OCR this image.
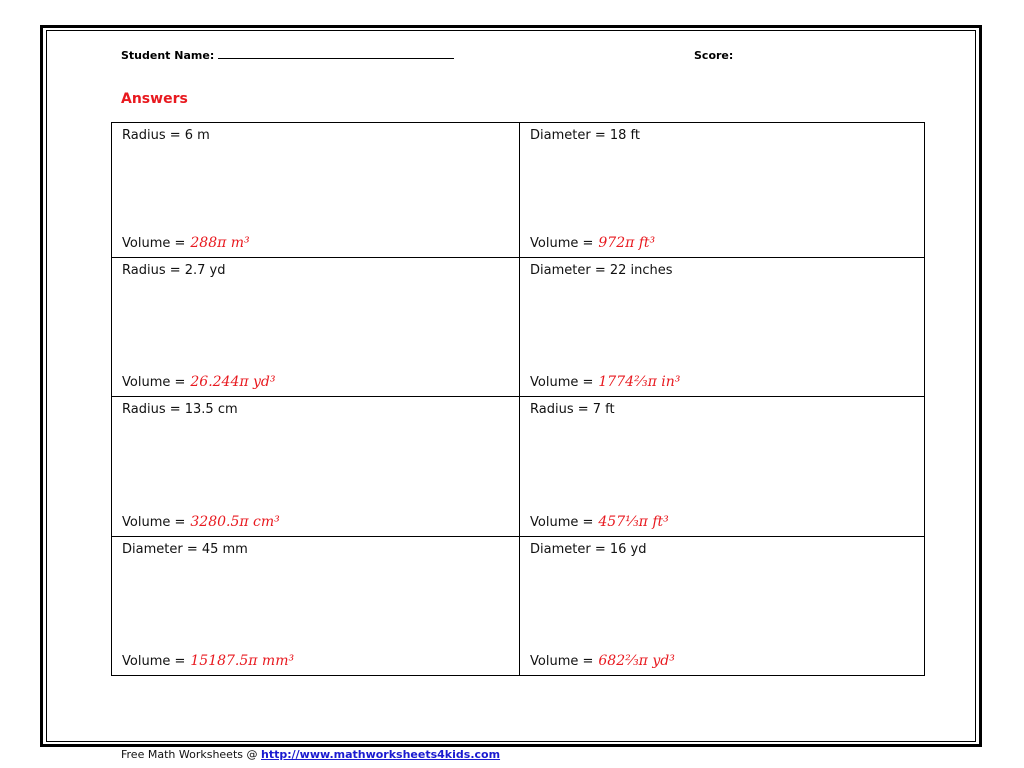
Student Name:	Score:
Answers
Radius = 6 m
Volume = 288π m³
Diameter = 18 ft
Volume = 972π ft³
Radius = 2.7 yd
Volume = 26.244π yd³
Diameter = 22 inches
Volume = 1774⅔π in³
Radius = 13.5 cm
Volume = 3280.5π cm³
Radius = 7 ft
Volume = 457⅓π ft³
Diameter = 45 mm
Volume = 15187.5π mm³
Diameter = 16 yd
Volume = 682⅔π yd³
Free Math Worksheets @ http://www.mathworksheets4kids.com
